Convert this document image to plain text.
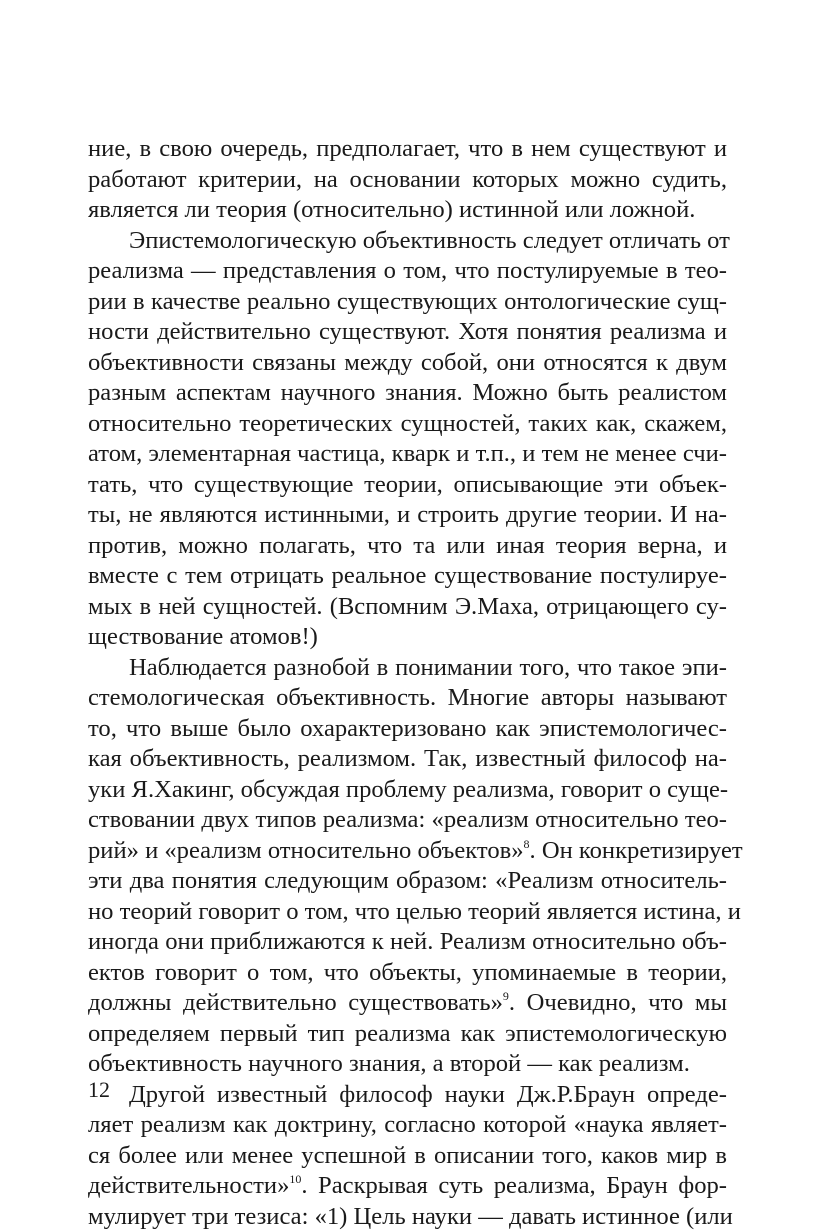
ние, в свою очередь, предполагает, что в нем существуют и
работают критерии, на основании которых можно судить,
является ли теория (относительно) истинной или ложной.
Эпистемологическую объективность следует отличать от
реализма — представления о том, что постулируемые в тео-
рии в качестве реально существующих онтологические сущ-
ности действительно существуют. Хотя понятия реализма и
объективности связаны между собой, они относятся к двум
разным аспектам научного знания. Можно быть реалистом
относительно теоретических сущностей, таких как, скажем,
атом, элементарная частица, кварк и т.п., и тем не менее счи-
тать, что существующие теории, описывающие эти объек-
ты, не являются истинными, и строить другие теории. И на-
против, можно полагать, что та или иная теория верна, и
вместе с тем отрицать реальное существование постулируе-
мых в ней сущностей. (Вспомним Э.Маха, отрицающего су-
ществование атомов!)
Наблюдается разнобой в понимании того, что такое эпи-
стемологическая объективность. Многие авторы называют
то, что выше было охарактеризовано как эпистемологичес-
кая объективность, реализмом. Так, известный философ на-
уки Я.Хакинг, обсуждая проблему реализма, говорит о суще-
ствовании двух типов реализма: «реализм относительно тео-
рий» и «реализм относительно объектов»$^8$. Он конкретизирует
эти два понятия следующим образом: «Реализм относитель-
но теорий говорит о том, что целью теорий является истина, и
иногда они приближаются к ней. Реализм относительно объ-
ектов говорит о том, что объекты, упоминаемые в теории,
должны действительно существовать»$^9$. Очевидно, что мы
определяем первый тип реализма как эпистемологическую
объективность научного знания, а второй — как реализм.
Другой известный философ науки Дж.Р.Браун опреде-
ляет реализм как доктрину, согласно которой «наука являет-
ся более или менее успешной в описании того, каков мир в
действительности»$^{10}$. Раскрывая суть реализма, Браун фор-
мулирует три тезиса: «1) Цель науки — давать истинное (или
12
